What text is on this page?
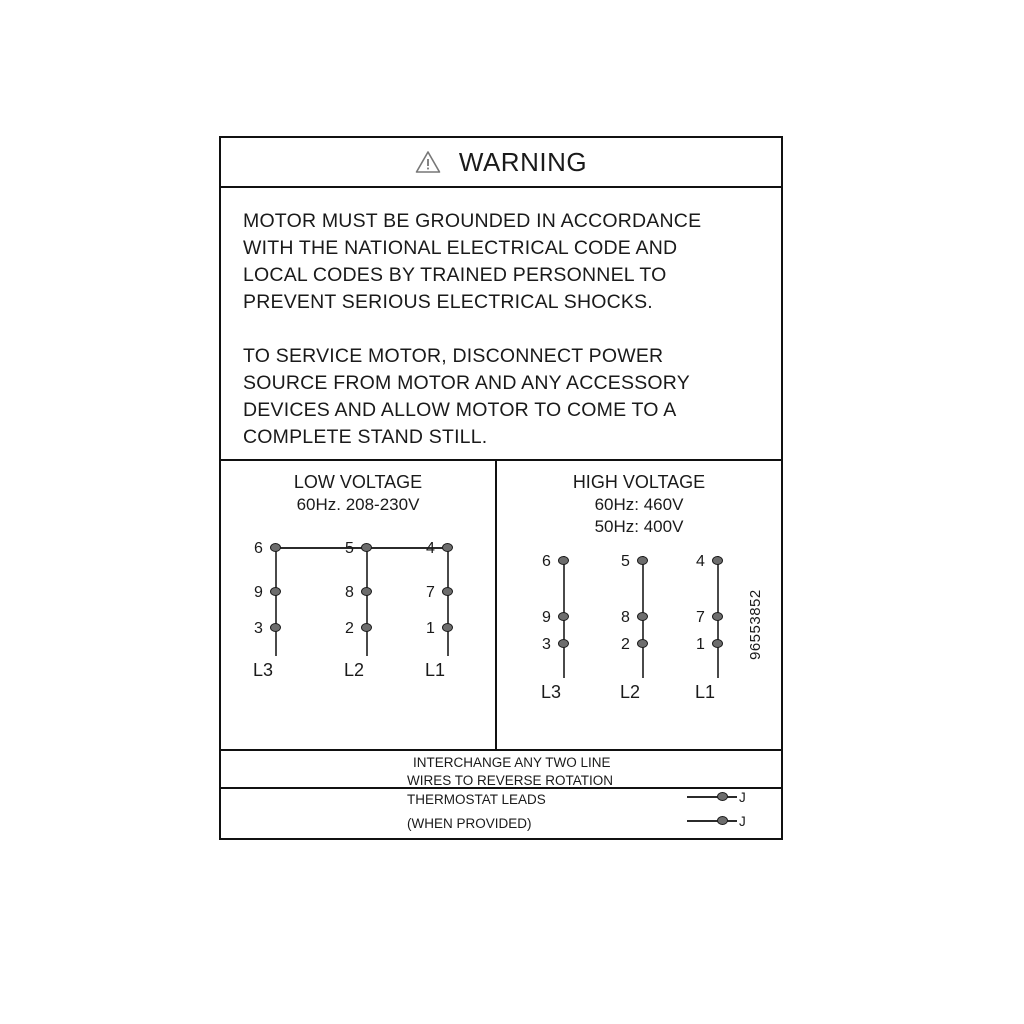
WARNING

MOTOR MUST BE GROUNDED IN ACCORDANCE
WITH THE NATIONAL ELECTRICAL CODE AND
LOCAL CODES BY TRAINED PERSONNEL TO
PREVENT SERIOUS ELECTRICAL SHOCKS.

TO SERVICE MOTOR, DISCONNECT POWER
SOURCE FROM MOTOR AND ANY ACCESSORY
DEVICES AND ALLOW MOTOR TO COME TO A
COMPLETE STAND STILL.

LOW VOLTAGE
60Hz. 208-230V
6	5	4
9	8	7
3	2	1
L3	L2	L1
HIGH VOLTAGE
60Hz: 460V
50Hz: 400V
6	5	4
9	8	7
3	2	1
L3	L2	L1
INTERCHANGE ANY TWO LINE
WIRES TO REVERSE ROTATION
THERMOSTAT LEADS
(WHEN PROVIDED)
J
J
96553852
